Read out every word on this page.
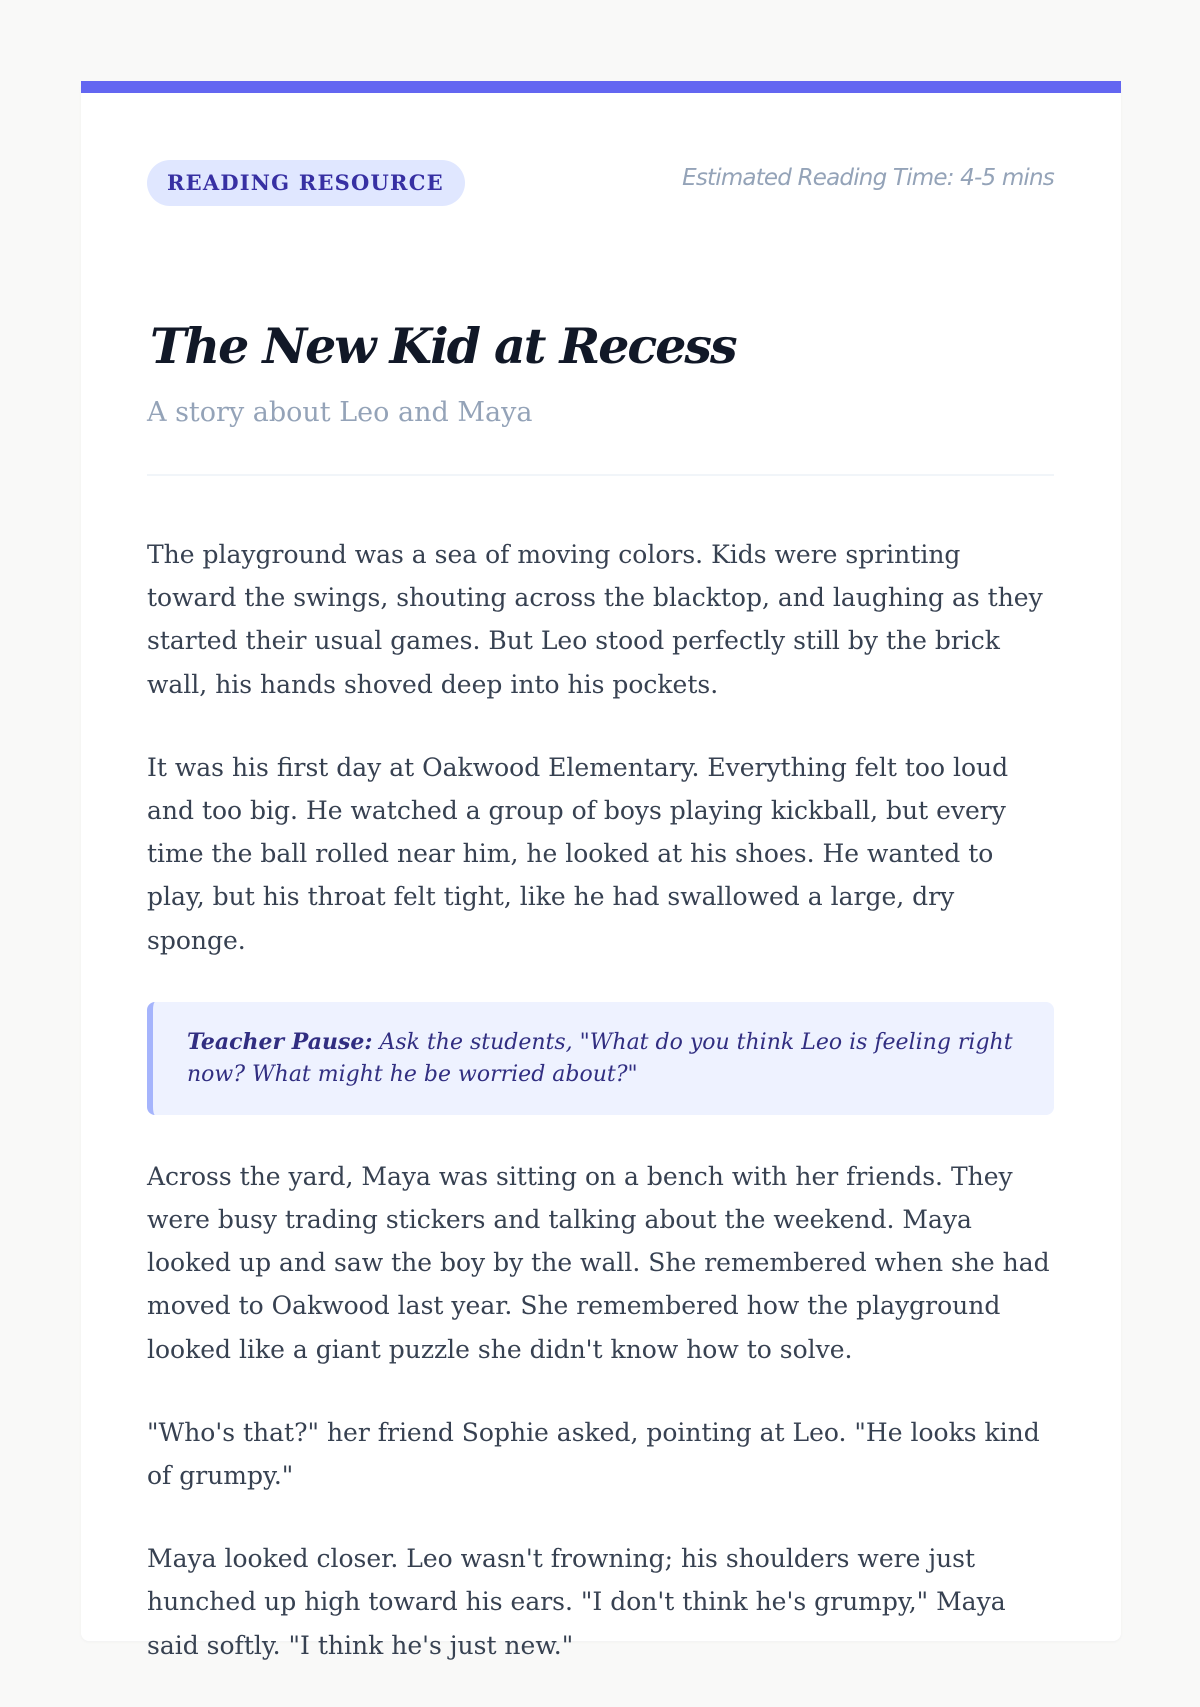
READING RESOURCE	Estimated Reading Time: 4-5 mins
The New Kid at Recess
A story about Leo and Maya

The playground was a sea of moving colors. Kids were sprinting toward the swings, shouting across the blacktop, and laughing as they started their usual games. But Leo stood perfectly still by the brick wall, his hands shoved deep into his pockets.

It was his first day at Oakwood Elementary. Everything felt too loud and too big. He watched a group of boys playing kickball, but every time the ball rolled near him, he looked at his shoes. He wanted to play, but his throat felt tight, like he had swallowed a large, dry sponge.

Teacher Pause: Ask the students, "What do you think Leo is feeling right now? What might he be worried about?"

Across the yard, Maya was sitting on a bench with her friends. They were busy trading stickers and talking about the weekend. Maya looked up and saw the boy by the wall. She remembered when she had moved to Oakwood last year. She remembered how the playground looked like a giant puzzle she didn't know how to solve.

"Who's that?" her friend Sophie asked, pointing at Leo. "He looks kind of grumpy."

Maya looked closer. Leo wasn't frowning; his shoulders were just hunched up high toward his ears. "I don't think he's grumpy," Maya said softly. "I think he's just new."
